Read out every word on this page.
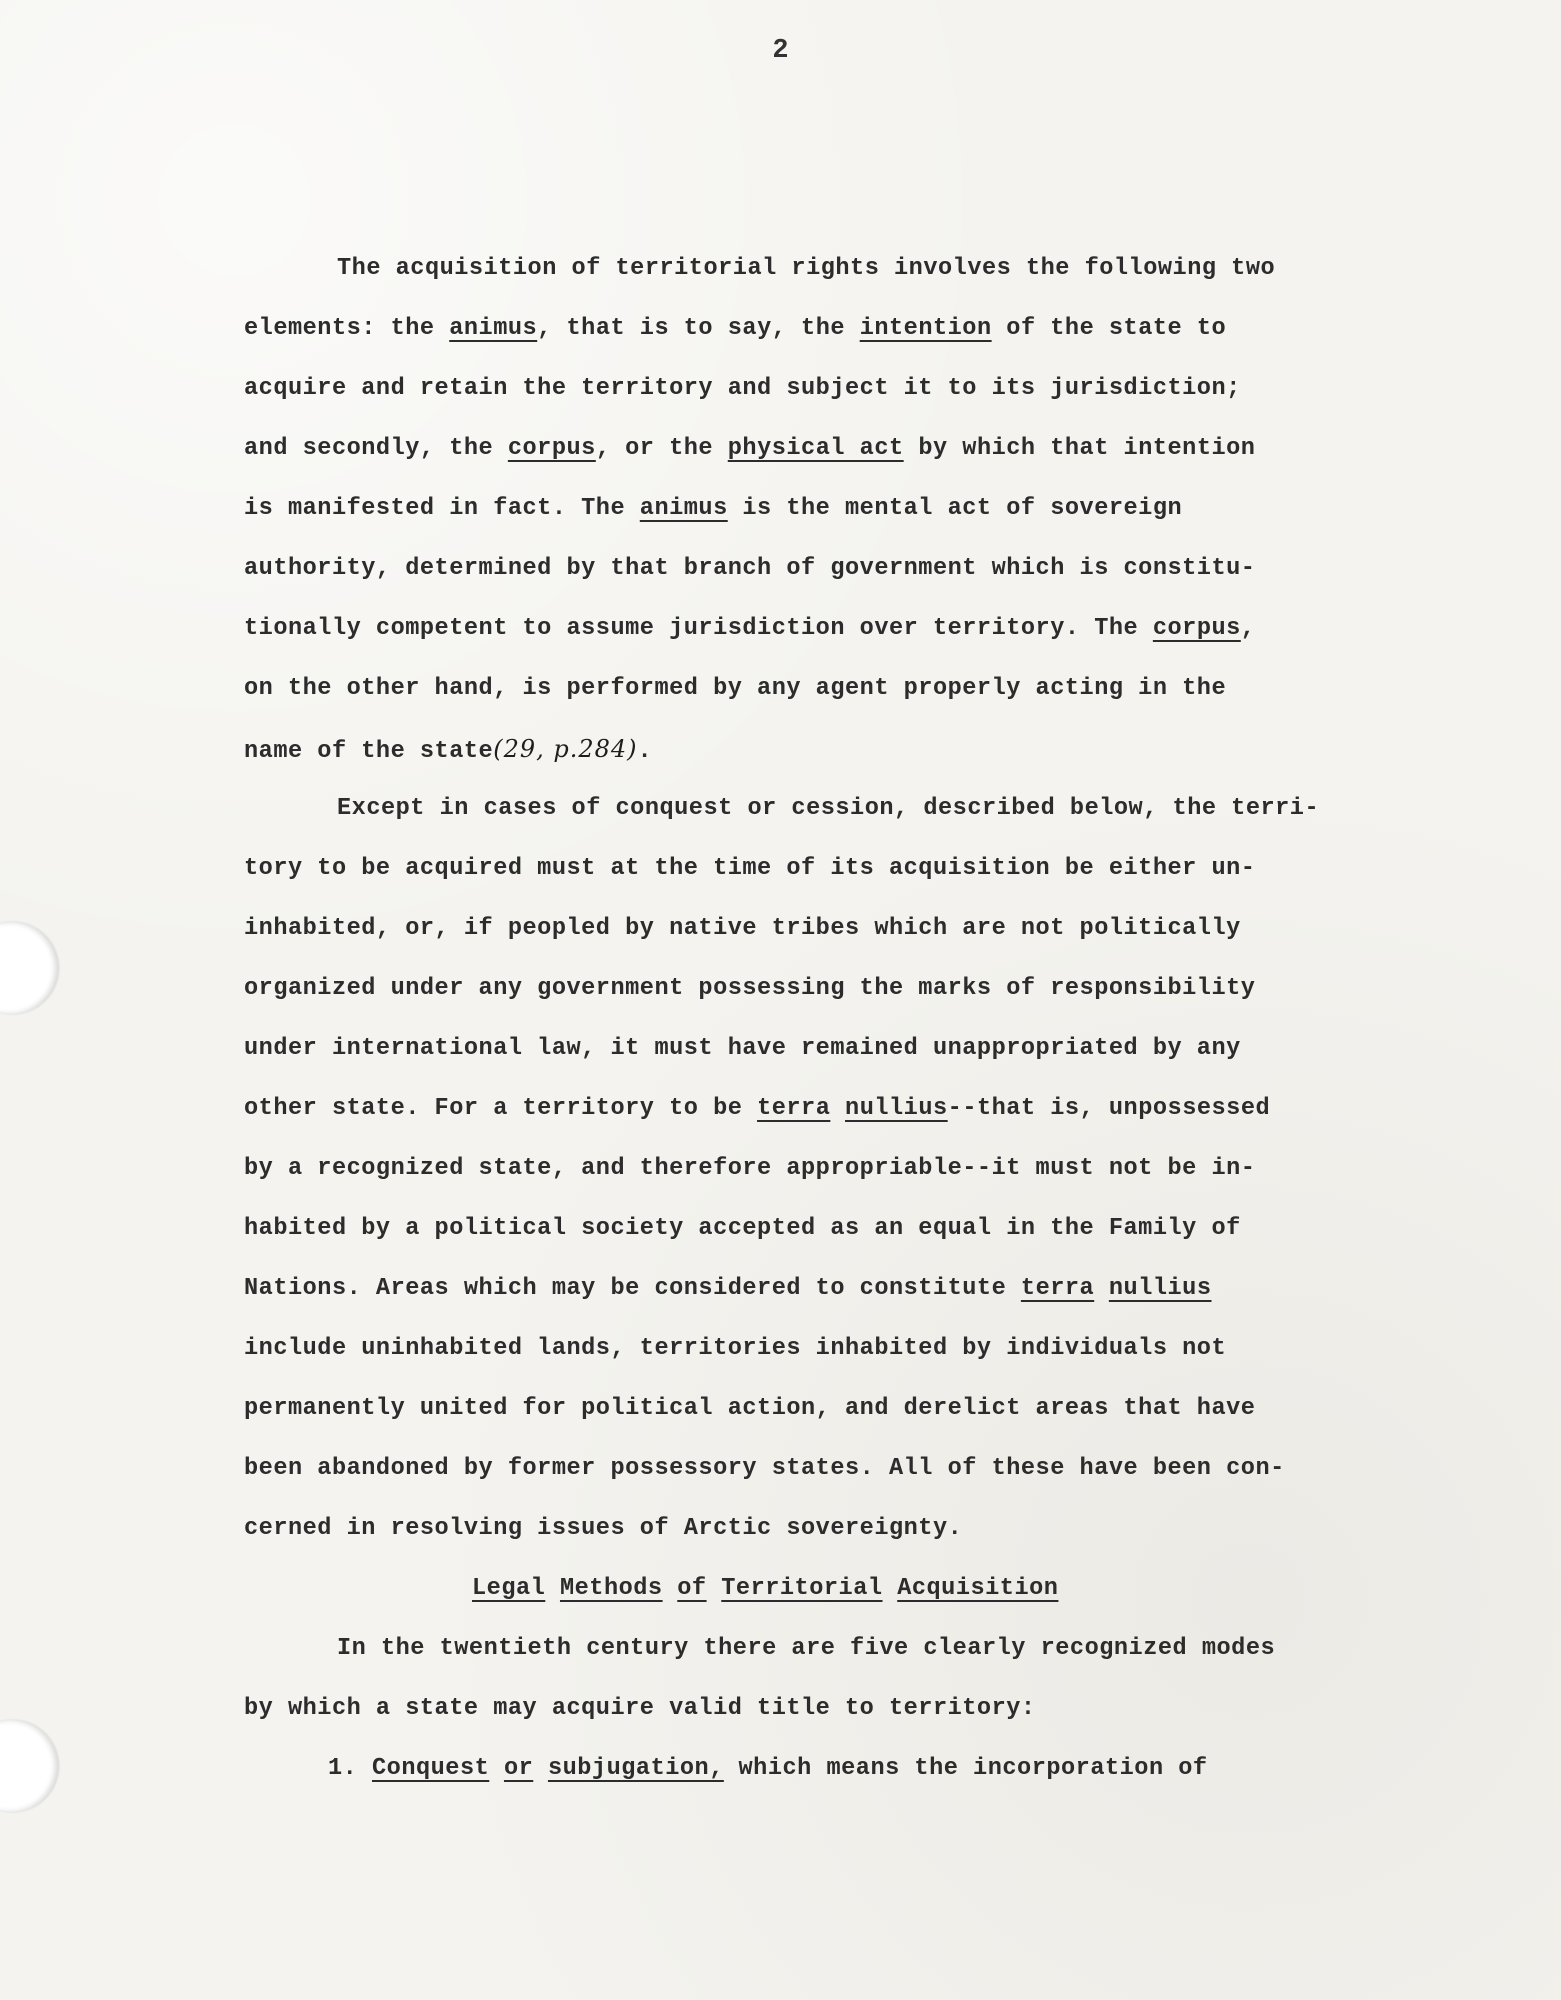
2
The acquisition of territorial rights involves the following two
elements: the animus, that is to say, the intention of the state to
acquire and retain the territory and subject it to its jurisdiction;
and secondly, the corpus, or the physical act by which that intention
is manifested in fact. The animus is the mental act of sovereign
authority, determined by that branch of government which is constitu-
tionally competent to assume jurisdiction over territory. The corpus,
on the other hand, is performed by any agent properly acting in the
name of the state(29, p.284).
Except in cases of conquest or cession, described below, the terri-
tory to be acquired must at the time of its acquisition be either un-
inhabited, or, if peopled by native tribes which are not politically
organized under any government possessing the marks of responsibility
under international law, it must have remained unappropriated by any
other state. For a territory to be terra nullius--that is, unpossessed
by a recognized state, and therefore appropriable--it must not be in-
habited by a political society accepted as an equal in the Family of
Nations. Areas which may be considered to constitute terra nullius
include uninhabited lands, territories inhabited by individuals not
permanently united for political action, and derelict areas that have
been abandoned by former possessory states. All of these have been con-
cerned in resolving issues of Arctic sovereignty.
Legal Methods of Territorial Acquisition
In the twentieth century there are five clearly recognized modes
by which a state may acquire valid title to territory:
1. Conquest or subjugation, which means the incorporation of
